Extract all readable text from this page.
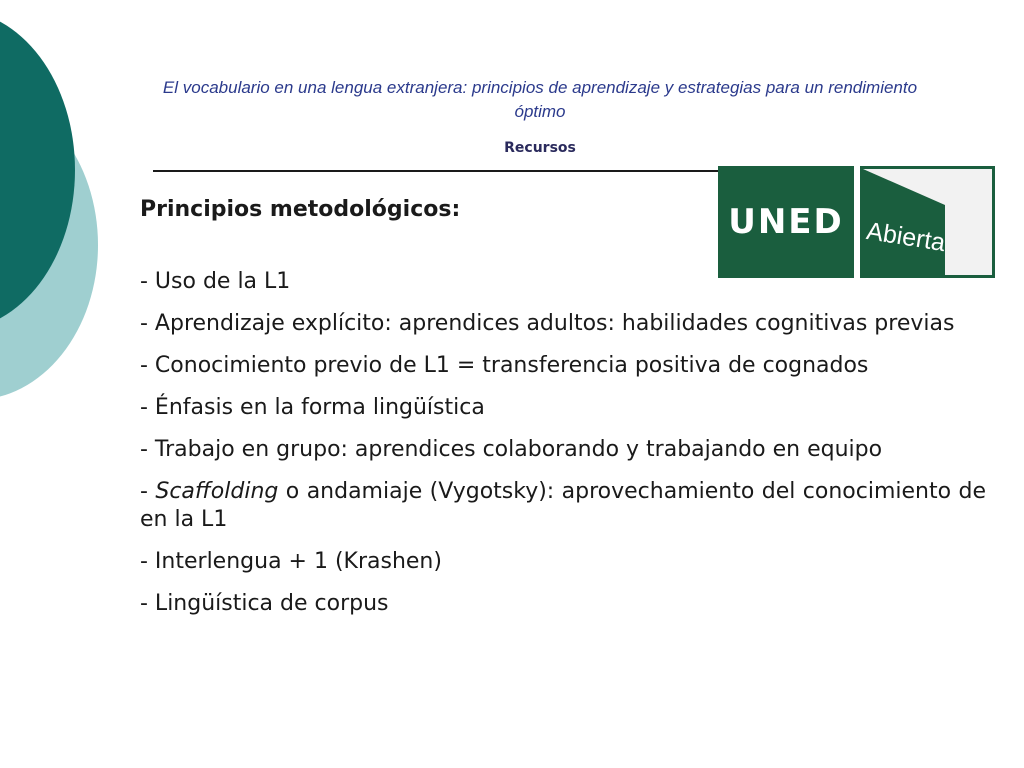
El vocabulario en una lengua extranjera: principios de aprendizaje y estrategias para un rendimiento óptimo
Recursos
UNED Abierta
Principios metodológicos:
- Uso de la L1
- Aprendizaje explícito: aprendices adultos: habilidades cognitivas previas
- Conocimiento previo de L1 = transferencia positiva de cognados
- Énfasis en la forma lingüística
- Trabajo en grupo: aprendices colaborando y trabajando en equipo
- Scaffolding o andamiaje (Vygotsky): aprovechamiento del conocimiento de en la L1
- Interlengua + 1 (Krashen)
- Lingüística de corpus
